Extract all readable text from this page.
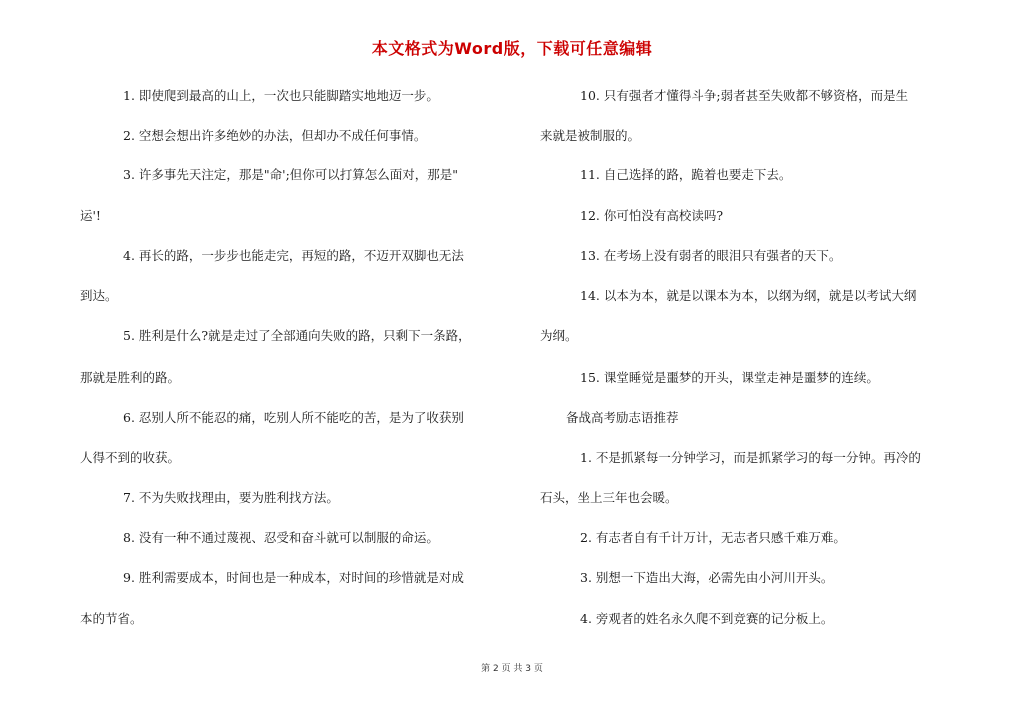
本文格式为Word版，下载可任意编辑
1. 即使爬到最高的山上，一次也只能脚踏实地地迈一步。
2. 空想会想出许多绝妙的办法，但却办不成任何事情。
3. 许多事先天注定，那是"命';但你可以打算怎么面对，那是"
运'!
4. 再长的路，一步步也能走完，再短的路，不迈开双脚也无法
到达。
5. 胜利是什么?就是走过了全部通向失败的路，只剩下一条路，
那就是胜利的路。
6. 忍别人所不能忍的痛，吃别人所不能吃的苦，是为了收获别
人得不到的收获。
7. 不为失败找理由，要为胜利找方法。
8. 没有一种不通过蔑视、忍受和奋斗就可以制服的命运。
9. 胜利需要成本，时间也是一种成本，对时间的珍惜就是对成
本的节省。
10. 只有强者才懂得斗争;弱者甚至失败都不够资格，而是生
来就是被制服的。
11. 自己选择的路，跪着也要走下去。
12. 你可怕没有高校读吗?
13. 在考场上没有弱者的眼泪只有强者的天下。
14. 以本为本，就是以课本为本，以纲为纲，就是以考试大纲
为纲。
15. 课堂睡觉是噩梦的开头，课堂走神是噩梦的连续。
备战高考励志语推荐
1. 不是抓紧每一分钟学习，而是抓紧学习的每一分钟。再冷的
石头，坐上三年也会暖。
2. 有志者自有千计万计，无志者只感千难万难。
3. 别想一下造出大海，必需先由小河川开头。
4. 旁观者的姓名永久爬不到竞赛的记分板上。
第 2 页 共 3 页
